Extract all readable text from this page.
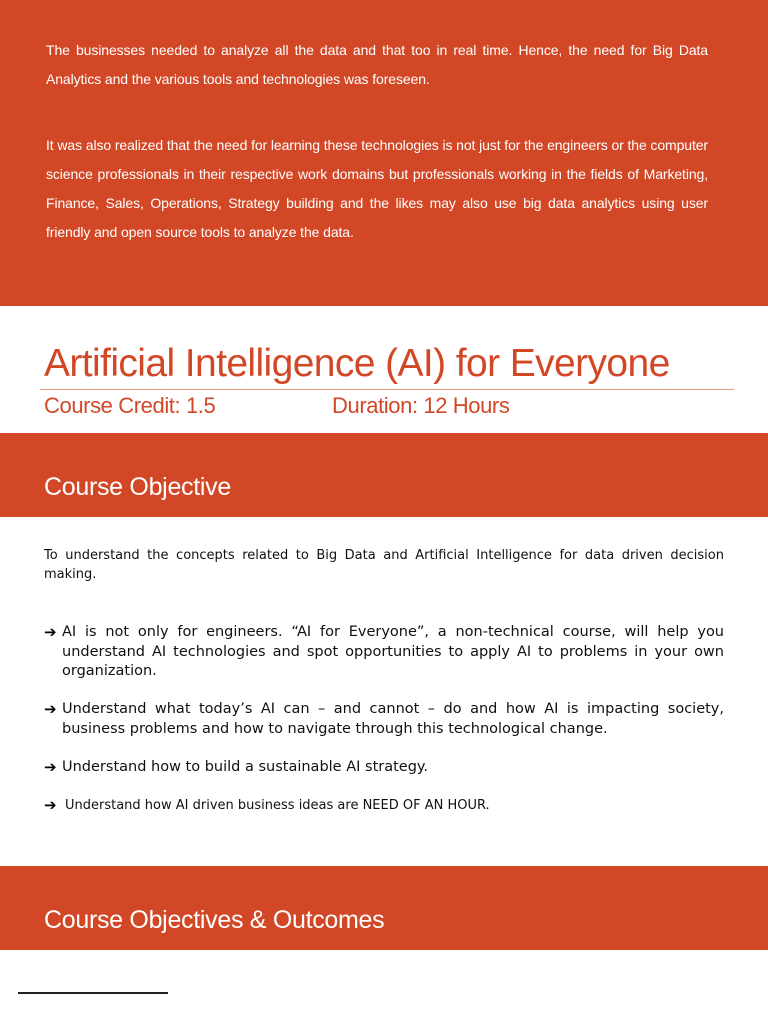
The businesses needed to analyze all the data and that too in real time. Hence, the need for Big Data Analytics and the various tools and technologies was foreseen.

It was also realized that the need for learning these technologies is not just for the engineers or the computer science professionals in their respective work domains but professionals working in the fields of Marketing, Finance, Sales, Operations, Strategy building and the likes may also use big data analytics using user friendly and open source tools to analyze the data.

Artificial Intelligence (AI) for Everyone
Course Credit: 1.5	Duration: 12 Hours
Course Objective

To understand the concepts related to Big Data and Artificial Intelligence for data driven decision making.

➔ AI is not only for engineers. “AI for Everyone”, a non-technical course, will help you understand AI technologies and spot opportunities to apply AI to problems in your own organization.
➔ Understand what today’s AI can – and cannot – do and how AI is impacting society, business problems and how to navigate through this technological change.
➔ Understand how to build a sustainable AI strategy.
➔ Understand how AI driven business ideas are NEED OF AN HOUR.
Course Objectives & Outcomes
